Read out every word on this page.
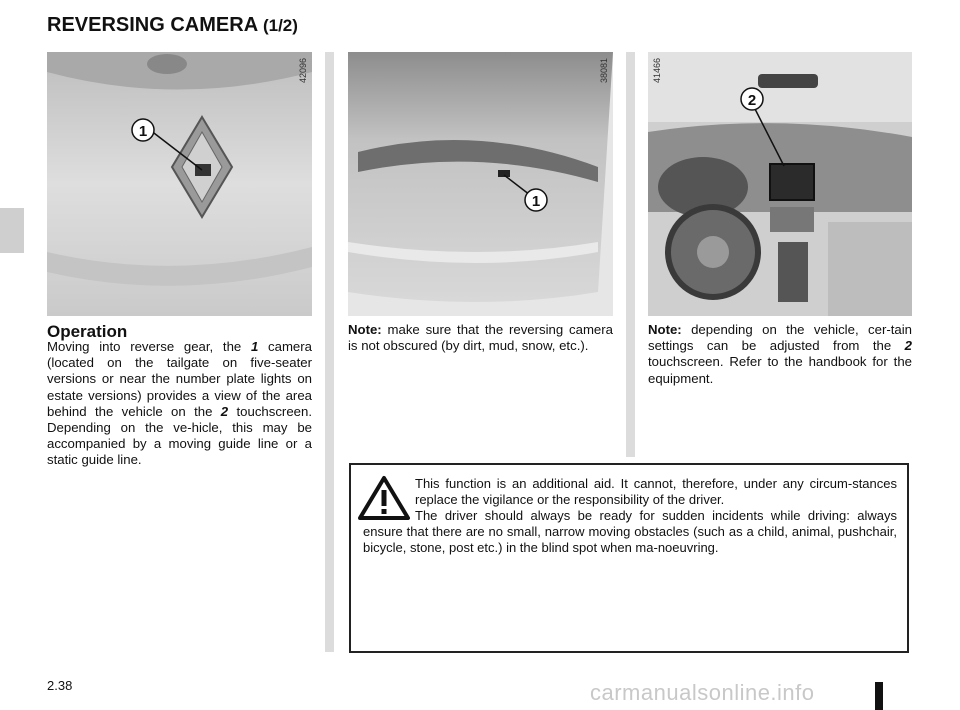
REVERSING CAMERA (1/2)
1
42096
1
38081
2
41466
Operation
Moving into reverse gear, the 1 camera (located on the tailgate on five-seater versions or near the number plate lights on estate versions) provides a view of the area behind the vehicle on the 2 touchscreen. Depending on the ve-hicle, this may be accompanied by a moving guide line or a static guide line.
Note: make sure that the reversing camera is not obscured (by dirt, mud, snow, etc.).
Note: depending on the vehicle, cer-tain settings can be adjusted from the 2 touchscreen. Refer to the handbook for the equipment.
This function is an additional aid. It cannot, therefore, under any circum-stances replace the vigilance or the responsibility of the driver.
The driver should always be ready for sudden incidents while driving: always ensure that there are no small, narrow moving obstacles (such as a child, animal, pushchair, bicycle, stone, post etc.) in the blind spot when ma-noeuvring.
2.38	carmanualsonline.info
